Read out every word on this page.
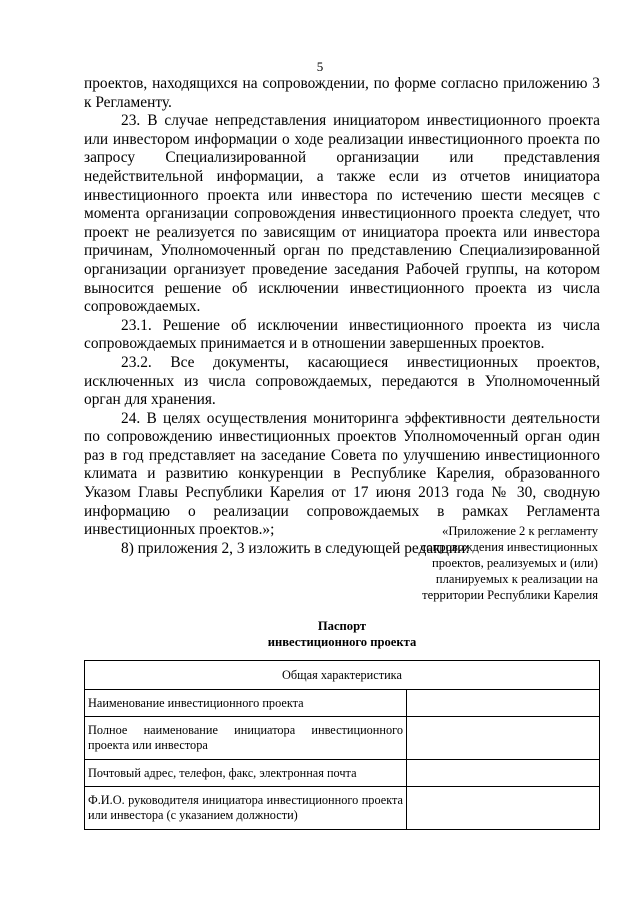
5

проектов, находящихся на сопровождении, по форме согласно приложению 3 к Регламенту.

23. В случае непредставления инициатором инвестиционного проекта или инвестором информации о ходе реализации инвестиционного проекта по запросу Специализированной организации или представления недействительной информации, а также если из отчетов инициатора инвестиционного проекта или инвестора по истечению шести месяцев с момента организации сопровождения инвестиционного проекта следует, что проект не реализуется по зависящим от инициатора проекта или инвестора причинам, Уполномоченный орган по представлению Специализированной организации организует проведение заседания Рабочей группы, на котором выносится решение об исключении инвестиционного проекта из числа сопровождаемых.

23.1. Решение об исключении инвестиционного проекта из числа сопровождаемых принимается и в отношении завершенных проектов.

23.2. Все документы, касающиеся инвестиционных проектов, исключенных из числа сопровождаемых, передаются в Уполномоченный орган для хранения.

24. В целях осуществления мониторинга эффективности деятельности по сопровождению инвестиционных проектов Уполномоченный орган один раз в год представляет на заседание Совета по улучшению инвестиционного климата и развитию конкуренции в Республике Карелия, образованного Указом Главы Республики Карелия от 17 июня 2013 года № 30, сводную информацию о реализации сопровождаемых в рамках Регламента инвестиционных проектов.»;

8) приложения 2, 3 изложить в следующей редакции:

«Приложение 2 к регламенту
сопровождения инвестиционных
проектов, реализуемых и (или)
планируемых к реализации на
территории Республики Карелия
Паспорт
инвестиционного проекта
Общая характеристика	
Наименование инвестиционного проекта	
Полное наименование инициатора инвестиционного проекта или инвестора	
Почтовый адрес, телефон, факс, электронная почта	
Ф.И.О. руководителя инициатора инвестиционного проекта или инвестора (с указанием должности)	
